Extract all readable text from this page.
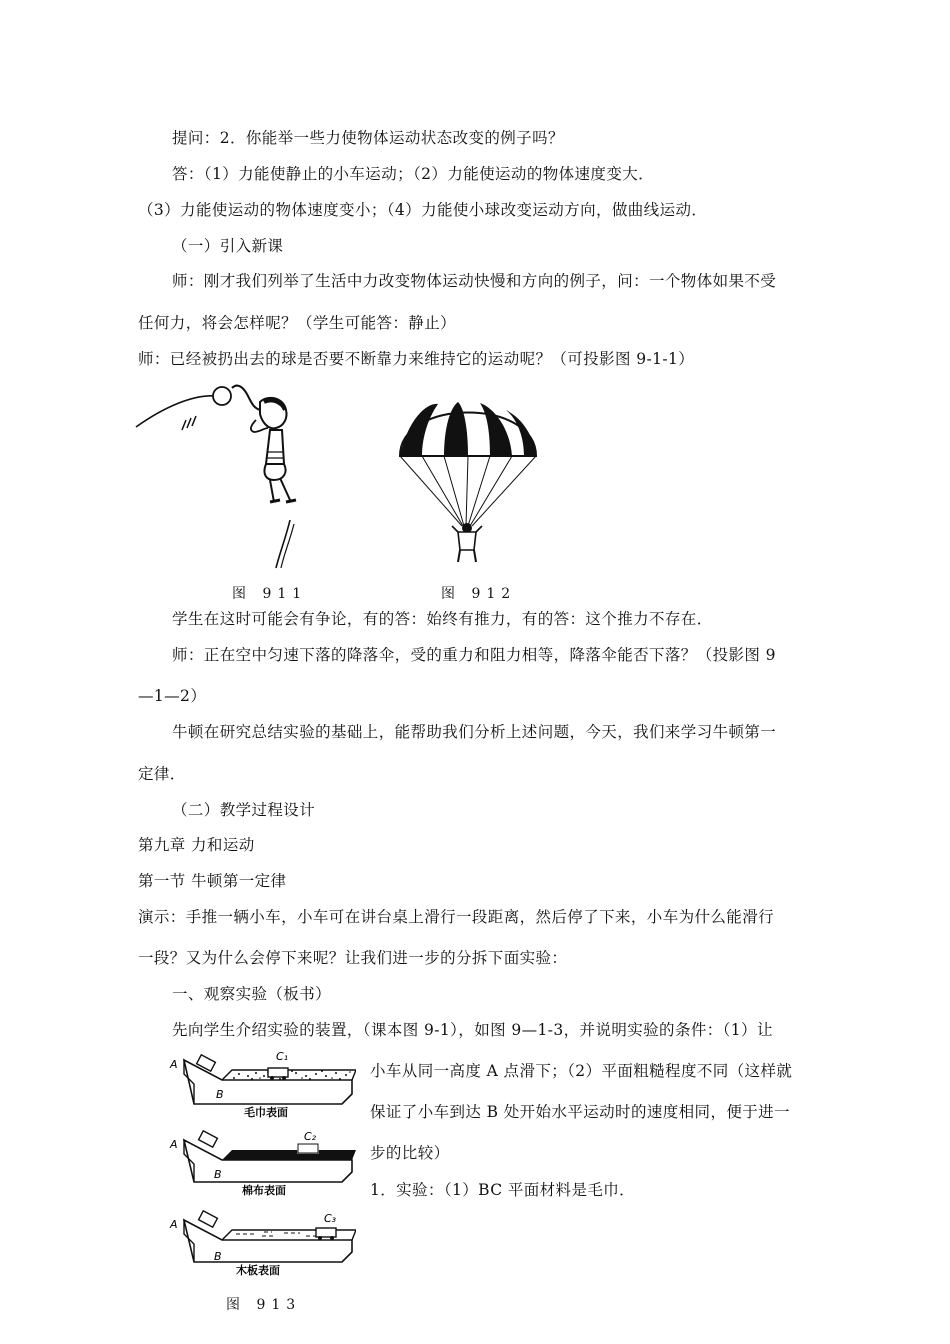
提问：2．你能举一些力使物体运动状态改变的例子吗？
答：（1）力能使静止的小车运动；（2）力能使运动的物体速度变大．
（3）力能使运动的物体速度变小；（4）力能使小球改变运动方向，做曲线运动．
（一）引入新课
师：刚才我们列举了生活中力改变物体运动快慢和方向的例子，问：一个物体如果不受
任何力，将会怎样呢？（学生可能答：静止）
师：已经被扔出去的球是否要不断靠力来维持它的运动呢？（可投影图 9-1-1）
图 911	图 912
学生在这时可能会有争论，有的答：始终有推力，有的答：这个推力不存在．
师：正在空中匀速下落的降落伞，受的重力和阻力相等，降落伞能否下落？（投影图 9
—1—2）
牛顿在研究总结实验的基础上，能帮助我们分析上述问题，今天，我们来学习牛顿第一
定律．
（二）教学过程设计
第九章 力和运动
第一节 牛顿第一定律
演示：手推一辆小车，小车可在讲台桌上滑行一段距离，然后停了下来，小车为什么能滑行
一段？又为什么会停下来呢？让我们进一步的分拆下面实验：
一、观察实验（板书）
先向学生介绍实验的装置，（课本图 9-1），如图 9—1-3，并说明实验的条件：（1）让
小车从同一高度 A 点滑下；（2）平面粗糙程度不同（这样就
保证了小车到达 B 处开始水平运动时的速度相同，便于进一
步的比较）
1．实验：（1）BC 平面材料是毛巾．
A
B
C₁
毛巾表面
A
B
C₂
棉布表面
A
B
C₃
木板表面
图 913
